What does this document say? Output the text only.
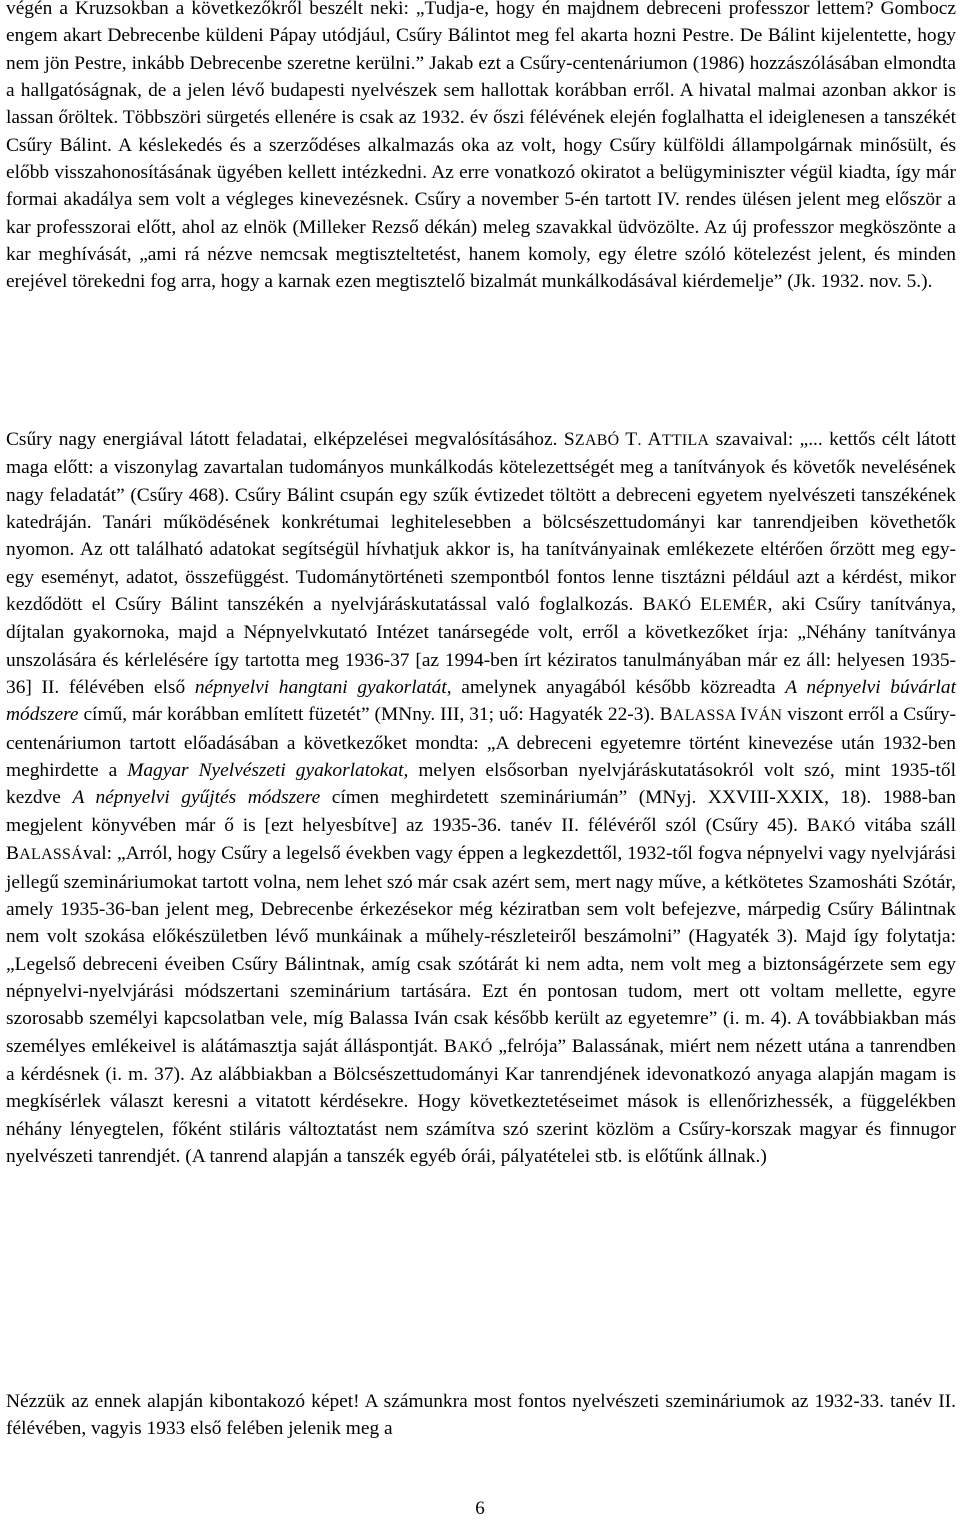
végén a Kruzsokban a következőkről beszélt neki: „Tudja-e, hogy én majdnem debreceni professzor lettem? Gombocz engem akart Debrecenbe küldeni Pápay utódjául, Csűry Bálintot meg fel akarta hozni Pestre. De Bálint kijelentette, hogy nem jön Pestre, inkább Debrecenbe szeretne kerülni.” Jakab ezt a Csűry-centenáriumon (1986) hozzászólásában elmondta a hallgatóságnak, de a jelen lévő budapesti nyelvészek sem hallottak korábban erről. A hivatal malmai azonban akkor is lassan őröltek. Többszöri sürgetés ellenére is csak az 1932. év őszi félévének elején foglalhatta el ideiglenesen a tanszékét Csűry Bálint. A késlekedés és a szerződéses alkalmazás oka az volt, hogy Csűry külföldi állampolgárnak minősült, és előbb visszahonosításának ügyében kellett intézkedni. Az erre vonatkozó okiratot a belügyminiszter végül kiadta, így már formai akadálya sem volt a végleges kinevezésnek. Csűry a november 5-én tartott IV. rendes ülésen jelent meg először a kar professzorai előtt, ahol az elnök (Milleker Rezső dékán) meleg szavakkal üdvözölte. Az új professzor megköszönte a kar meghívását, „ami rá nézve nemcsak megtiszteltetést, hanem komoly, egy életre szóló kötelezést jelent, és minden erejével törekedni fog arra, hogy a karnak ezen megtisztelő bizalmát munkálkodásával kiérdemelje” (Jk. 1932. nov. 5.).

Csűry nagy energiával látott feladatai, elképzelései megvalósításához. SZABÓ T. ATTILA szavaival: „... kettős célt látott maga előtt: a viszonylag zavartalan tudományos munkálkodás kötelezettségét meg a tanítványok és követők nevelésének nagy feladatát” (Csűry 468). Csűry Bálint csupán egy szűk évtizedet töltött a debreceni egyetem nyelvészeti tanszékének katedráján. Tanári működésének konkrétumai leghitelesebben a bölcsészettudományi kar tanrendjeiben követhetők nyomon. Az ott található adatokat segítségül hívhatjuk akkor is, ha tanítványainak emlékezete eltérően őrzött meg egy-egy eseményt, adatot, összefüggést. Tudománytörténeti szempontból fontos lenne tisztázni például azt a kérdést, mikor kezdődött el Csűry Bálint tanszékén a nyelvjáráskutatással való foglalkozás. BAKÓ ELEMÉR, aki Csűry tanítványa, díjtalan gyakornoka, majd a Népnyelvkutató Intézet tanársegéde volt, erről a következőket írja: „Néhány tanítványa unszolására és kérlelésére így tartotta meg 1936-37 [az 1994-ben írt kéziratos tanulmányában már ez áll: helyesen 1935-36] II. félévében első népnyelvi hangtani gyakorlatát, amelynek anyagából később közreadta A népnyelvi búvárlat módszere című, már korábban említett füzetét” (MNny. III, 31; uő: Hagyaték 22-3). BALASSA IVÁN viszont erről a Csűry-centenáriumon tartott előadásában a következőket mondta: „A debreceni egyetemre történt kinevezése után 1932-ben meghirdette a Magyar Nyelvészeti gyakorlatokat, melyen elsősorban nyelvjáráskutatásokról volt szó, mint 1935-től kezdve A népnyelvi gyűjtés módszere címen meghirdetett szemináriumán” (MNyj. XXVIII-XXIX, 18). 1988-ban megjelent könyvében már ő is [ezt helyesbítve] az 1935-36. tanév II. félévéről szól (Csűry 45). BAKÓ vitába száll BALASSÁval: „Arról, hogy Csűry a legelső években vagy éppen a legkezdettől, 1932-től fogva népnyelvi vagy nyelvjárási jellegű szemináriumokat tartott volna, nem lehet szó már csak azért sem, mert nagy műve, a kétkötetes Szamosháti Szótár, amely 1935-36-ban jelent meg, Debrecenbe érkezésekor még kéziratban sem volt befejezve, márpedig Csűry Bálintnak nem volt szokása előkészületben lévő munkáinak a műhely-részleteiről beszámolni” (Hagyaték 3). Majd így folytatja: „Legelső debreceni éveiben Csűry Bálintnak, amíg csak szótárát ki nem adta, nem volt meg a biztonságérzete sem egy népnyelvi-nyelvjárási módszertani szeminárium tartására. Ezt én pontosan tudom, mert ott voltam mellette, egyre szorosabb személyi kapcsolatban vele, míg Balassa Iván csak később került az egyetemre” (i. m. 4). A továbbiakban más személyes emlékeivel is alátámasztja saját álláspontját. BAKÓ „felrója” Balassának, miért nem nézett utána a tanrendben a kérdésnek (i. m. 37). Az alábbiakban a Bölcsészettudományi Kar tanrendjének idevonatkozó anyaga alapján magam is megkísérlek választ keresni a vitatott kérdésekre. Hogy következtetéseimet mások is ellenőrizhessék, a függelékben néhány lényegtelen, főként stiláris változtatást nem számítva szó szerint közlöm a Csűry-korszak magyar és finnugor nyelvészeti tanrendjét. (A tanrend alapján a tanszék egyéb órái, pályatételei stb. is előtűnk állnak.)

Nézzük az ennek alapján kibontakozó képet! A számunkra most fontos nyelvészeti szemináriumok az 1932-33. tanév II. félévében, vagyis 1933 első felében jelenik meg a

6
